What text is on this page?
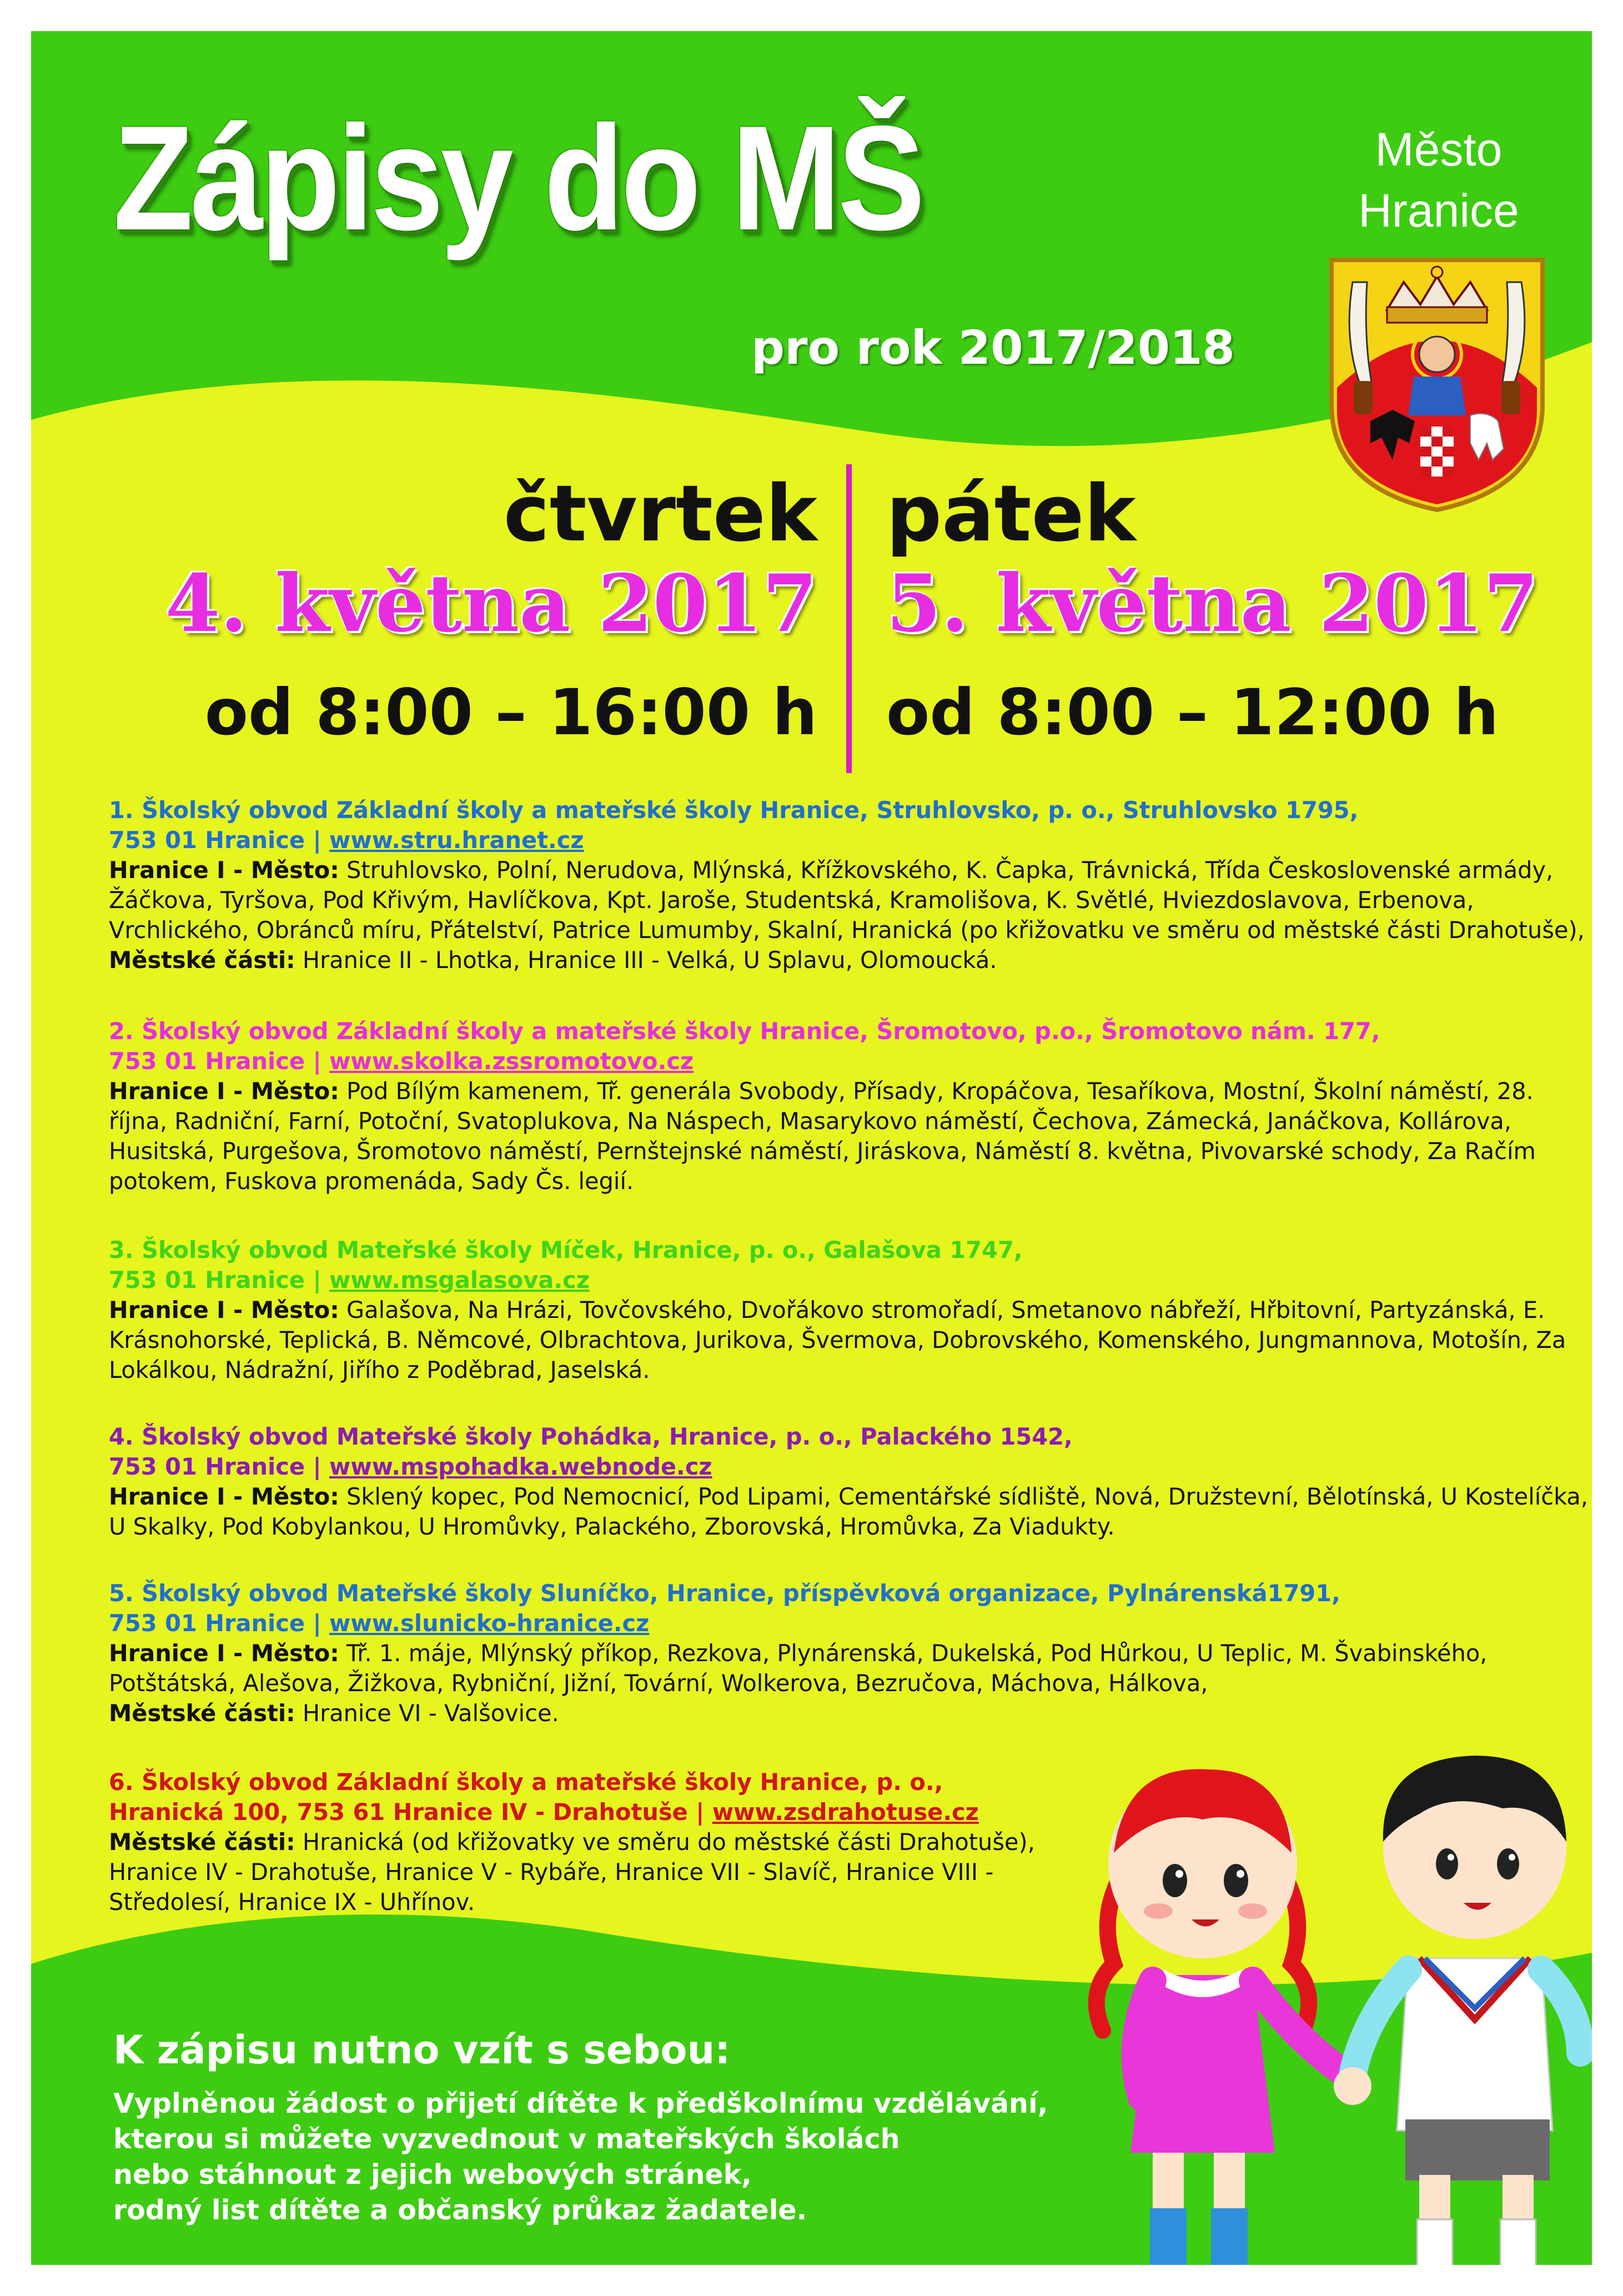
Zápisy do MŠ
pro rok 2017/2018
Město
Hranice
čtvrtek
4. května 2017
od 8:00 – 16:00 h
pátek
5. května 2017
od 8:00 – 12:00 h

1. Školský obvod Základní školy a mateřské školy Hranice, Struhlovsko, p. o., Struhlovsko 1795,

753 01 Hranice | www.stru.hranet.cz

Hranice I - Město: Struhlovsko, Polní, Nerudova, Mlýnská, Křížkovského, K. Čapka, Trávnická, Třída Československé armády, Žáčkova, Tyršova, Pod Křivým, Havlíčkova, Kpt. Jaroše, Studentská, Kramolišova, K. Světlé, Hviezdoslavova, Erbenova, Vrchlického, Obránců míru, Přátelství, Patrice Lumumby, Skalní, Hranická (po křižovatku ve směru od městské části Drahotuše),

Městské části: Hranice II - Lhotka, Hranice III - Velká, U Splavu, Olomoucká.

2. Školský obvod Základní školy a mateřské školy Hranice, Šromotovo, p.o., Šromotovo nám. 177,

753 01 Hranice | www.skolka.zssromotovo.cz

Hranice I - Město: Pod Bílým kamenem, Tř. generála Svobody, Přísady, Kropáčova, Tesaříkova, Mostní, Školní náměstí, 28. října, Radniční, Farní, Potoční, Svatoplukova, Na Náspech, Masarykovo náměstí, Čechova, Zámecká, Janáčkova, Kollárova, Husitská, Purgešova, Šromotovo náměstí, Pernštejnské náměstí, Jiráskova, Náměstí 8. května, Pivovarské schody, Za Račím potokem, Fuskova promenáda, Sady Čs. legií.

3. Školský obvod Mateřské školy Míček, Hranice, p. o., Galašova 1747,

753 01 Hranice | www.msgalasova.cz

Hranice I - Město: Galašova, Na Hrázi, Tovčovského, Dvořákovo stromořadí, Smetanovo nábřeží, Hřbitovní, Partyzánská, E. Krásnohorské, Teplická, B. Němcové, Olbrachtova, Jurikova, Švermova, Dobrovského, Komenského, Jungmannova, Motošín, Za Lokálkou, Nádražní, Jiřího z Poděbrad, Jaselská.

4. Školský obvod Mateřské školy Pohádka, Hranice, p. o., Palackého 1542,

753 01 Hranice | www.mspohadka.webnode.cz

Hranice I - Město: Sklený kopec, Pod Nemocnicí, Pod Lipami, Cementářské sídliště, Nová, Družstevní, Bělotínská, U Kostelíčka, U Skalky, Pod Kobylankou, U Hromůvky, Palackého, Zborovská, Hromůvka, Za Viadukty.

5. Školský obvod Mateřské školy Sluníčko, Hranice, příspěvková organizace, Pylnárenská1791,

753 01 Hranice | www.slunicko-hranice.cz

Hranice I - Město: Tř. 1. máje, Mlýnský příkop, Rezkova, Plynárenská, Dukelská, Pod Hůrkou, U Teplic, M. Švabinského, Potštátská, Alešova, Žižkova, Rybniční, Jižní, Tovární, Wolkerova, Bezručova, Máchova, Hálkova,

Městské části: Hranice VI - Valšovice.

6. Školský obvod Základní školy a mateřské školy Hranice, p. o.,

Hranická 100, 753 61 Hranice IV - Drahotuše | www.zsdrahotuse.cz

Městské části: Hranická (od křižovatky ve směru do městské části Drahotuše), Hranice IV - Drahotuše, Hranice V - Rybáře, Hranice VII - Slavíč, Hranice VIII - Středolesí, Hranice IX - Uhřínov.

K zápisu nutno vzít s sebou:

Vyplněnou žádost o přijetí dítěte k předškolnímu vzdělávání,

kterou si můžete vyzvednout v mateřských školách

nebo stáhnout z jejich webových stránek,

rodný list dítěte a občanský průkaz žadatele.
